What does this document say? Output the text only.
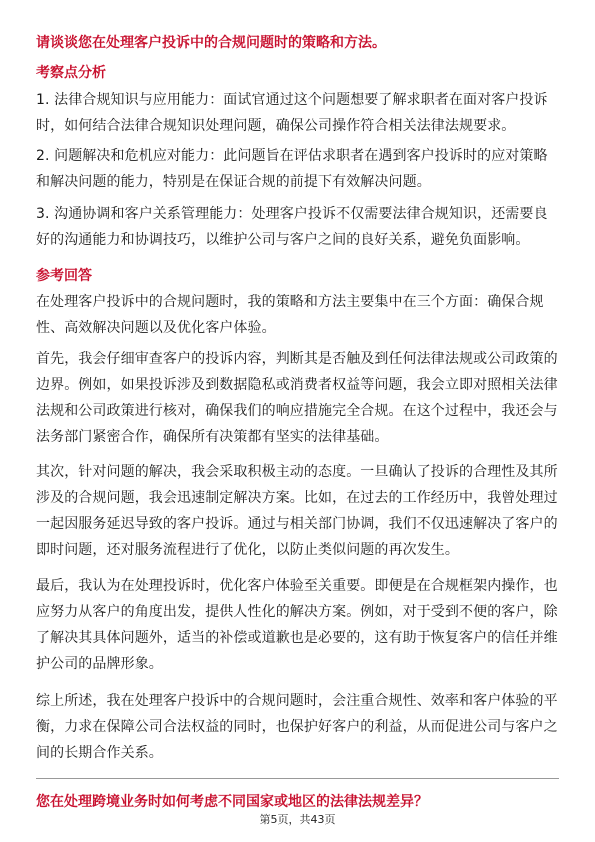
请谈谈您在处理客户投诉中的合规问题时的策略和方法。
考察点分析
1. 法律合规知识与应用能力：面试官通过这个问题想要了解求职者在面对客户投诉时，如何结合法律合规知识处理问题，确保公司操作符合相关法律法规要求。
2. 问题解决和危机应对能力：此问题旨在评估求职者在遇到客户投诉时的应对策略和解决问题的能力，特别是在保证合规的前提下有效解决问题。
3. 沟通协调和客户关系管理能力：处理客户投诉不仅需要法律合规知识，还需要良好的沟通能力和协调技巧，以维护公司与客户之间的良好关系，避免负面影响。
参考回答
在处理客户投诉中的合规问题时，我的策略和方法主要集中在三个方面：确保合规性、高效解决问题以及优化客户体验。
首先，我会仔细审查客户的投诉内容，判断其是否触及到任何法律法规或公司政策的边界。例如，如果投诉涉及到数据隐私或消费者权益等问题，我会立即对照相关法律法规和公司政策进行核对，确保我们的响应措施完全合规。在这个过程中，我还会与法务部门紧密合作，确保所有决策都有坚实的法律基础。
其次，针对问题的解决，我会采取积极主动的态度。一旦确认了投诉的合理性及其所涉及的合规问题，我会迅速制定解决方案。比如，在过去的工作经历中，我曾处理过一起因服务延迟导致的客户投诉。通过与相关部门协调，我们不仅迅速解决了客户的即时问题，还对服务流程进行了优化，以防止类似问题的再次发生。
最后，我认为在处理投诉时，优化客户体验至关重要。即便是在合规框架内操作，也应努力从客户的角度出发，提供人性化的解决方案。例如，对于受到不便的客户，除了解决其具体问题外，适当的补偿或道歉也是必要的，这有助于恢复客户的信任并维护公司的品牌形象。
综上所述，我在处理客户投诉中的合规问题时，会注重合规性、效率和客户体验的平衡，力求在保障公司合法权益的同时，也保护好客户的利益，从而促进公司与客户之间的长期合作关系。
您在处理跨境业务时如何考虑不同国家或地区的法律法规差异？
第5页，共43页
